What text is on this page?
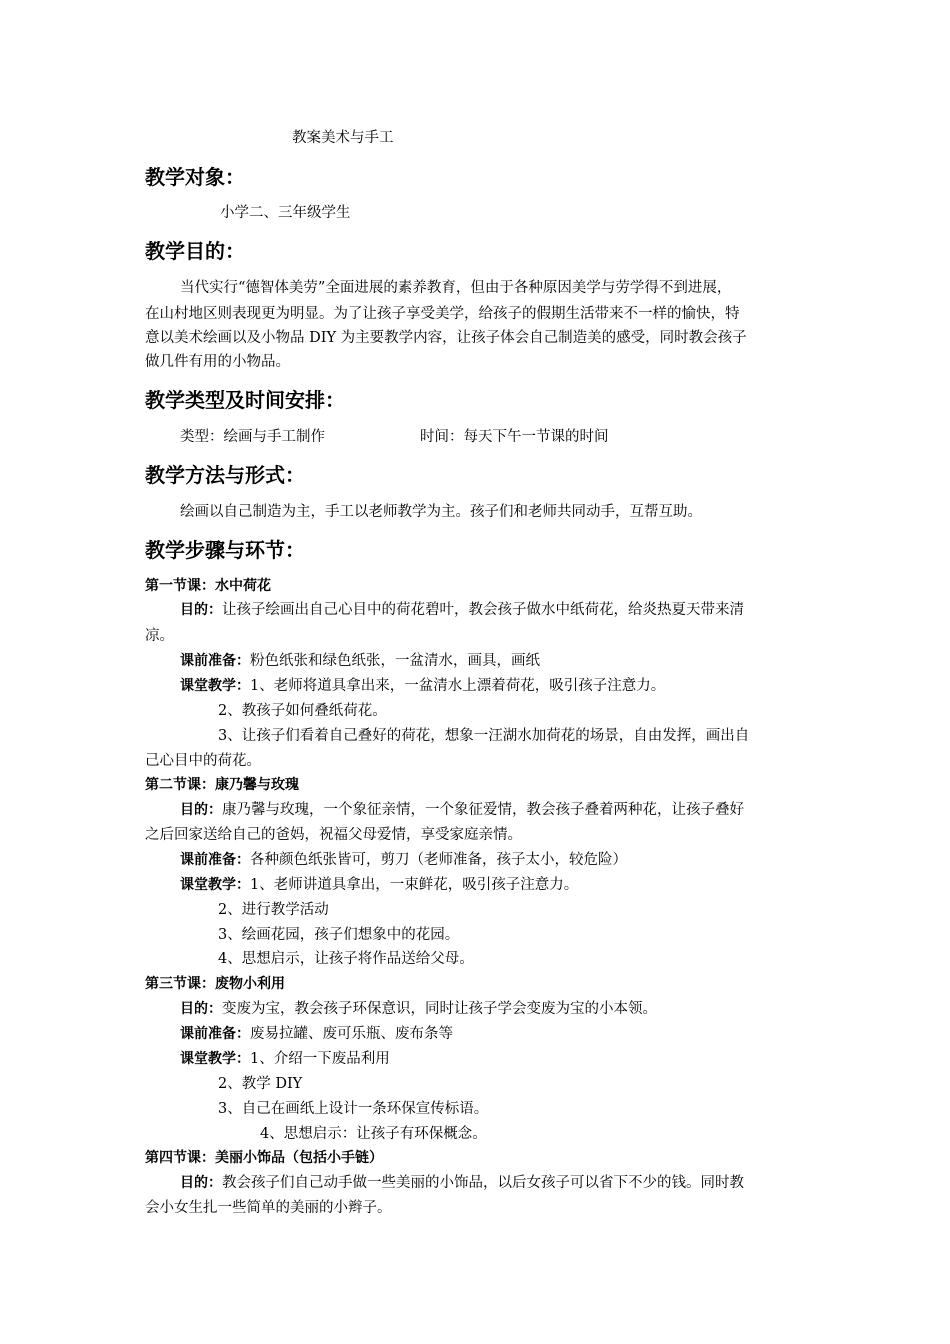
教案美术与手工
教学对象：
小学二、三年级学生
教学目的：
当代实行“德智体美劳”全面进展的素养教育，但由于各种原因美学与劳学得不到进展，
在山村地区则表现更为明显。为了让孩子享受美学，给孩子的假期生活带来不一样的愉快，特
意以美术绘画以及小物品 DIY 为主要教学内容，让孩子体会自己制造美的感受，同时教会孩子
做几件有用的小物品。
教学类型及时间安排：
类型：绘画与手工制作	时间：每天下午一节课的时间
教学方法与形式：
绘画以自己制造为主，手工以老师教学为主。孩子们和老师共同动手，互帮互助。
教学步骤与环节：
第一节课：水中荷花
目的：让孩子绘画出自己心目中的荷花碧叶，教会孩子做水中纸荷花，给炎热夏天带来清
凉。
课前准备：粉色纸张和绿色纸张，一盆清水，画具，画纸
课堂教学：1、老师将道具拿出来，一盆清水上漂着荷花，吸引孩子注意力。
2、教孩子如何叠纸荷花。
3、让孩子们看着自己叠好的荷花，想象一汪湖水加荷花的场景，自由发挥，画出自
己心目中的荷花。
第二节课：康乃馨与玫瑰
目的：康乃馨与玫瑰，一个象征亲情，一个象征爱情，教会孩子叠着两种花，让孩子叠好
之后回家送给自己的爸妈，祝福父母爱情，享受家庭亲情。
课前准备：各种颜色纸张皆可，剪刀（老师准备，孩子太小，较危险）
课堂教学：1、老师讲道具拿出，一束鲜花，吸引孩子注意力。
2、进行教学活动
3、绘画花园，孩子们想象中的花园。
4、思想启示，让孩子将作品送给父母。
第三节课：废物小利用
目的：变废为宝，教会孩子环保意识，同时让孩子学会变废为宝的小本领。
课前准备：废易拉罐、废可乐瓶、废布条等
课堂教学：1、介绍一下废品利用
2、教学 DIY
3、自己在画纸上设计一条环保宣传标语。
4、思想启示：让孩子有环保概念。
第四节课：美丽小饰品（包括小手链）
目的：教会孩子们自己动手做一些美丽的小饰品，以后女孩子可以省下不少的钱。同时教
会小女生扎一些简单的美丽的小辫子。
